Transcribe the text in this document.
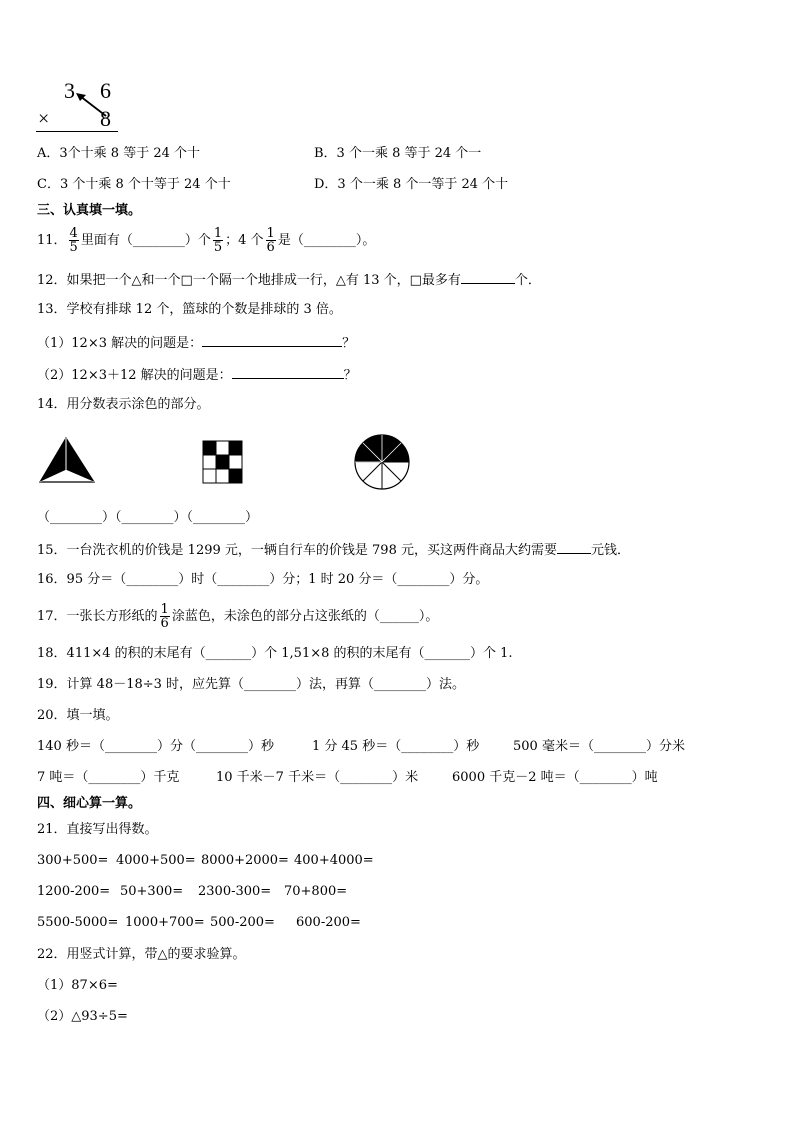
3 6
× 8
A．3个十乘 8 等于 24 个十	B．3 个一乘 8 等于 24 个一
C．3 个十乘 8 个十等于 24 个十	D．3 个一乘 8 个一等于 24 个十
三、认真填一填。
11． $\frac{4}{5}$ 里面有（________）个 $\frac{1}{5}$ ；4 个 $\frac{1}{6}$ 是（________）。
12．如果把一个△和一个□一个隔一个地排成一行，△有 13 个，□最多有	个．
13．学校有排球 12 个，篮球的个数是排球的 3 倍。
（1）12×3 解决的问题是：	？
（2）12×3＋12 解决的问题是：	？
14．用分数表示涂色的部分。
（________）（________）（________）
15．一台洗衣机的价钱是 1299 元，一辆自行车的价钱是 798 元，买这两件商品大约需要	元钱．
16．95 分＝（________）时（________）分；1 时 20 分＝（________）分。
17．一张长方形纸的 $\frac{1}{6}$ 涂蓝色，未涂色的部分占这张纸的（______）。
18．411×4 的积的末尾有（_______）个 1,51×8 的积的末尾有（_______）个 1.
19．计算 48－18÷3 时，应先算（________）法，再算（________）法。
20．填一填。
140 秒＝（________）分（________）秒	1 分 45 秒＝（________）秒	500 毫米＝（________）分米
7 吨＝（________）千克	10 千米－7 千米＝（________）米	6000 千克－2 吨＝（________）吨
四、细心算一算。
21．直接写出得数。
300+500= 4000+500= 8000+2000= 400+4000=
1200-200= 50+300= 2300-300= 70+800=
5500-5000= 1000+700= 500-200= 600-200=
22．用竖式计算，带△的要求验算。
（1）87×6=
（2）△93÷5=
